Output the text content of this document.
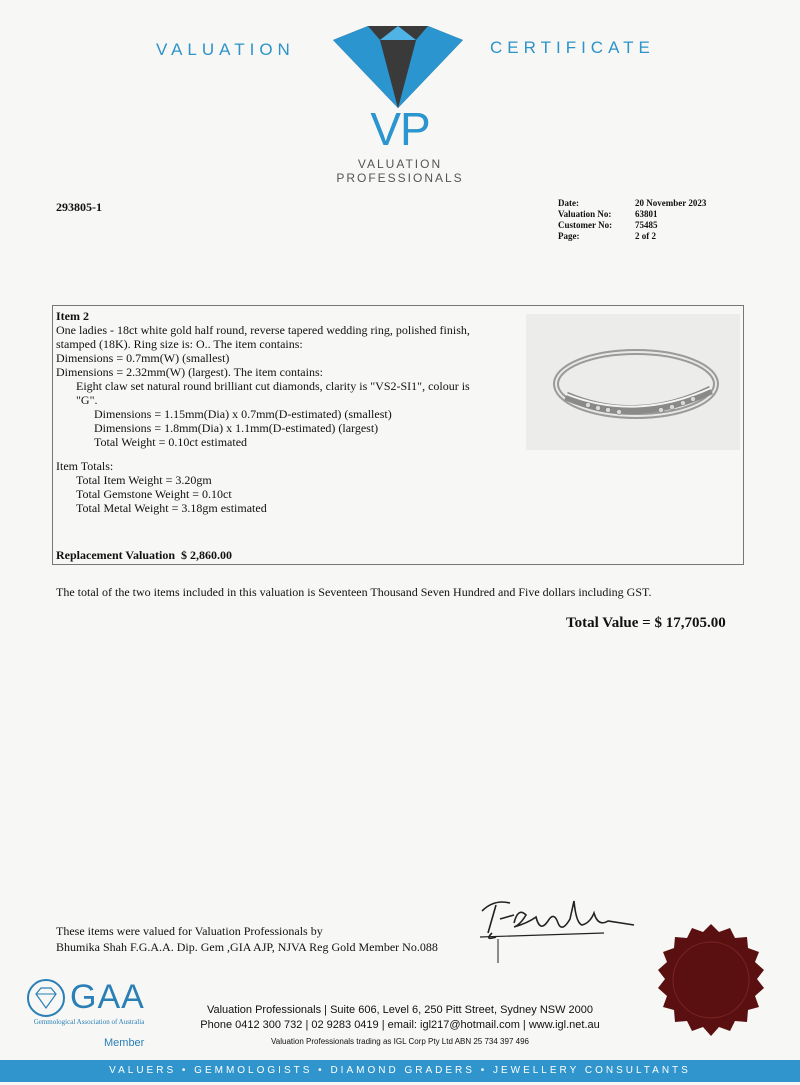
VALUATION	CERTIFICATE
VP
VALUATION
PROFESSIONALS
293805-1	Date:	20 November 2023
Valuation No:	63801
Customer No:	75485
Page:	2 of 2

Item 2

One ladies - 18ct white gold half round, reverse tapered wedding ring, polished finish,

stamped (18K). Ring size is: O.. The item contains:

Dimensions = 0.7mm(W) (smallest)

Dimensions = 2.32mm(W) (largest). The item contains:

Eight claw set natural round brilliant cut diamonds, clarity is "VS2-SI1", colour is

"G".

Dimensions = 1.15mm(Dia) x 0.7mm(D-estimated) (smallest)

Dimensions = 1.8mm(Dia) x 1.1mm(D-estimated) (largest)

Total Weight = 0.10ct estimated

Item Totals:

Total Item Weight = 3.20gm

Total Gemstone Weight = 0.10ct

Total Metal Weight = 3.18gm estimated

Replacement Valuation $ 2,860.00
The total of the two items included in this valuation is Seventeen Thousand Seven Hundred and Five dollars including GST.
Total Value = $ 17,705.00
These items were valued for Valuation Professionals by
Bhumika Shah F.G.A.A. Dip. Gem ,GIA AJP, NJVA Reg Gold Member No.088
GAA
Gemmological Association of Australia
Member
Valuation Professionals | Suite 606, Level 6, 250 Pitt Street, Sydney NSW 2000
Phone 0412 300 732 | 02 9283 0419 | email: igl217@hotmail.com | www.igl.net.au
Valuation Professionals trading as IGL Corp Pty Ltd ABN 25 734 397 496
VALUERS • GEMMOLOGISTS • DIAMOND GRADERS • JEWELLERY CONSULTANTS
